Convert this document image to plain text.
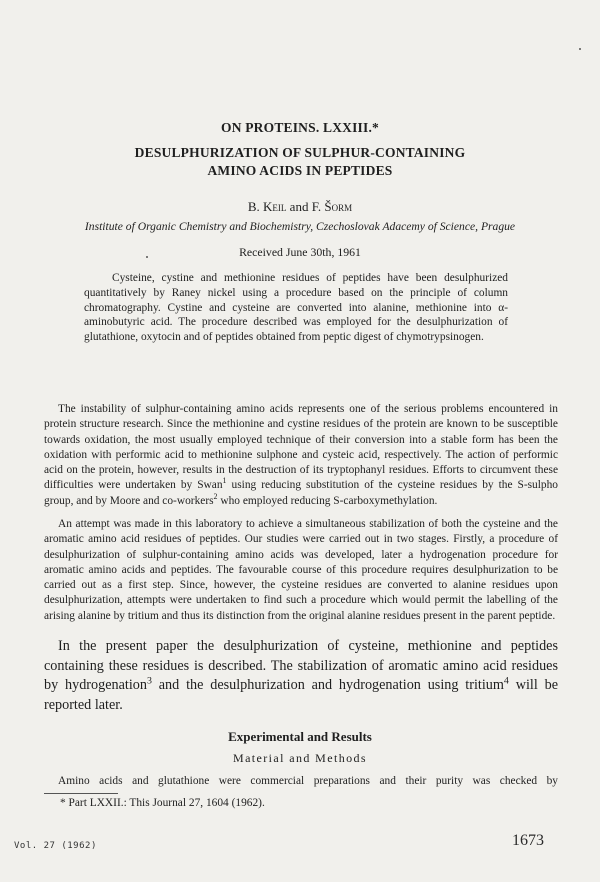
ON PROTEINS. LXXIII.*
DESULPHURIZATION OF SULPHUR-CONTAINING
AMINO ACIDS IN PEPTIDES
B. Keil and F. Šorm
Institute of Organic Chemistry and Biochemistry, Czechoslovak Adacemy of Science, Prague
Received June 30th, 1961

Cysteine, cystine and methionine residues of peptides have been desulphurized quantitatively by Raney nickel using a procedure based on the principle of column chromatography. Cystine and cysteine are converted into alanine, methionine into α-aminobutyric acid. The procedure described was employed for the desulphurization of glutathione, oxytocin and of peptides obtained from peptic digest of chymotrypsinogen.

The instability of sulphur-containing amino acids represents one of the serious problems encountered in protein structure research. Since the methionine and cystine residues of the protein are known to be susceptible towards oxidation, the most usually employed technique of their conversion into a stable form has been the oxidation with performic acid to methionine sulphone and cysteic acid, respectively. The action of performic acid on the protein, however, results in the destruction of its tryptophanyl residues. Efforts to circumvent these difficulties were undertaken by Swan$^1$ using reducing substitution of the cysteine residues by the S-sulpho group, and by Moore and co-workers$^2$ who employed reducing S-carboxymethylation.

An attempt was made in this laboratory to achieve a simultaneous stabilization of both the cysteine and the aromatic amino acid residues of peptides. Our studies were carried out in two stages. Firstly, a procedure of desulphurization of sulphur-containing amino acids was developed, later a hydrogenation procedure for aromatic amino acids and peptides. The favourable course of this procedure requires desulphurization to be carried out as a first step. Since, however, the cysteine residues are converted to alanine residues upon desulphurization, attempts were undertaken to find such a procedure which would permit the labelling of the arising alanine by tritium and thus its distinction from the original alanine residues present in the parent peptide.

In the present paper the desulphurization of cysteine, methionine and peptides containing these residues is described. The stabilization of aromatic amino acid residues by hydrogenation$^3$ and the desulphurization and hydrogenation using tritium$^4$ will be reported later.

Experimental and Results
Material and Methods

Amino acids and glutathione were commercial preparations and their purity was checked by

* Part LXXII.: This Journal 27, 1604 (1962).
Vol. 27 (1962)	1673
